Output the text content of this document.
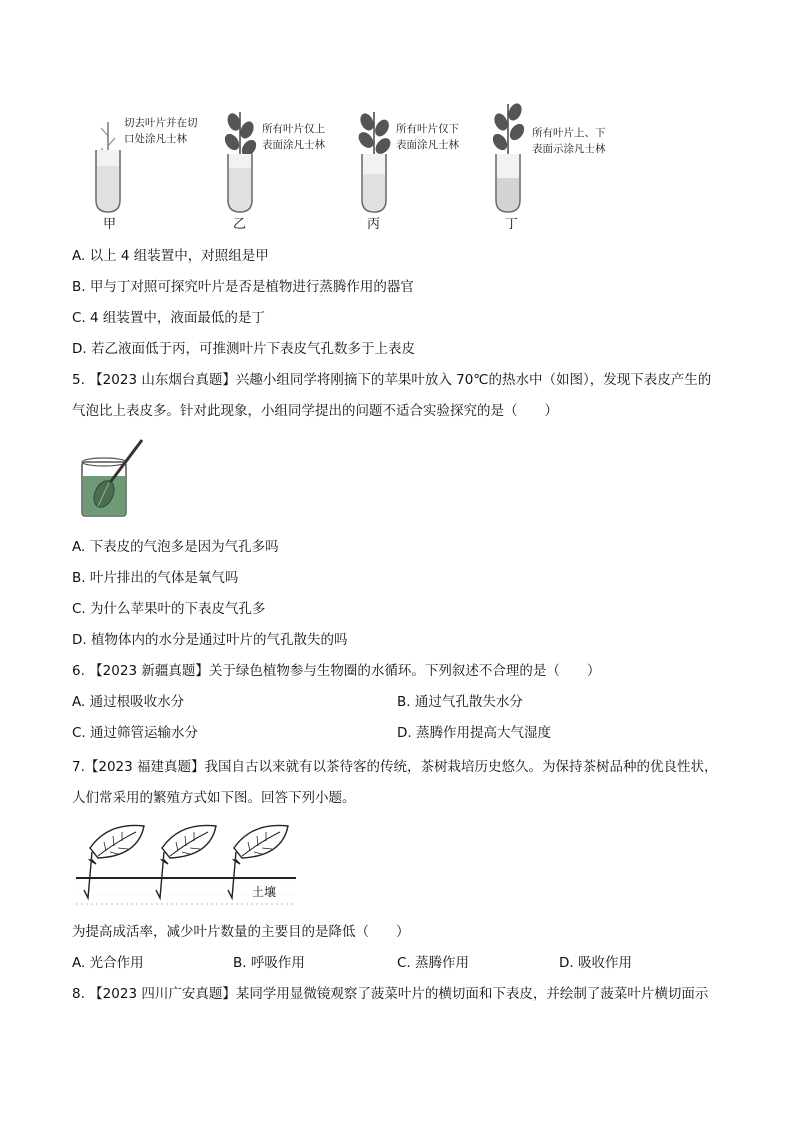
切去叶片并在切
口处涂凡士林
甲
所有叶片仅上
表面涂凡士林
乙
所有叶片仅下
表面涂凡士林
丙
所有叶片上、下
表面示涂凡士林
丁
A. 以上 4 组装置中，对照组是甲
B. 甲与丁对照可探究叶片是否是植物进行蒸腾作用的器官
C. 4 组装置中，液面最低的是丁
D. 若乙液面低于丙，可推测叶片下表皮气孔数多于上表皮
5. 【2023 山东烟台真题】兴趣小组同学将刚摘下的苹果叶放入 70℃的热水中（如图），发现下表皮产生的
气泡比上表皮多。针对此现象，小组同学提出的问题不适合实验探究的是（　　）
A. 下表皮的气泡多是因为气孔多吗
B. 叶片排出的气体是氧气吗
C. 为什么苹果叶的下表皮气孔多
D. 植物体内的水分是通过叶片的气孔散失的吗
6. 【2023 新疆真题】关于绿色植物参与生物圈的水循环。下列叙述不合理的是（　　）
A. 通过根吸收水分	B. 通过气孔散失水分
C. 通过筛管运输水分	D. 蒸腾作用提高大气湿度
7.【2023 福建真题】我国自古以来就有以茶待客的传统，茶树栽培历史悠久。为保持茶树品种的优良性状，
人们常采用的繁殖方式如下图。回答下列小题。
土壤
为提高成活率，减少叶片数量的主要目的是降低（　　）
A. 光合作用	B. 呼吸作用	C. 蒸腾作用	D. 吸收作用
8. 【2023 四川广安真题】某同学用显微镜观察了菠菜叶片的横切面和下表皮，并绘制了菠菜叶片横切面示
